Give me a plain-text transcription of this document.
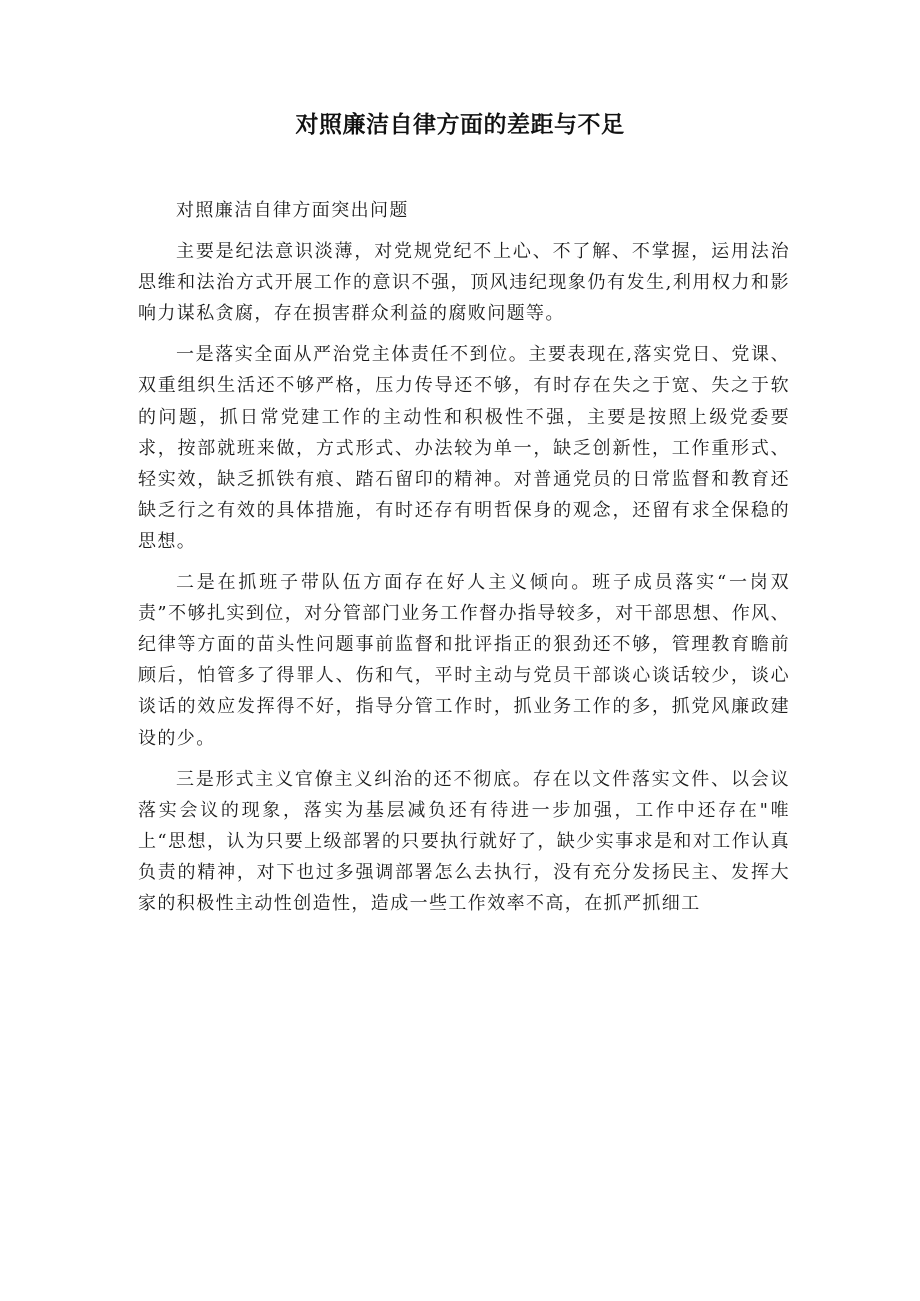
对照廉洁自律方面的差距与不足

对照廉洁自律方面突出问题

主要是纪法意识淡薄，对党规党纪不上心、不了解、不掌握，运用法治思维和法治方式开展工作的意识不强，顶风违纪现象仍有发生,利用权力和影响力谋私贪腐，存在损害群众利益的腐败问题等。

一是落实全面从严治党主体责任不到位。主要表现在,落实党日、党课、双重组织生活还不够严格，压力传导还不够，有时存在失之于宽、失之于软的问题，抓日常党建工作的主动性和积极性不强，主要是按照上级党委要求，按部就班来做，方式形式、办法较为单一，缺乏创新性，工作重形式、轻实效，缺乏抓铁有痕、踏石留印的精神。对普通党员的日常监督和教育还缺乏行之有效的具体措施，有时还存有明哲保身的观念，还留有求全保稳的思想。

二是在抓班子带队伍方面存在好人主义倾向。班子成员落实“一岗双责”不够扎实到位，对分管部门业务工作督办指导较多，对干部思想、作风、纪律等方面的苗头性问题事前监督和批评指正的狠劲还不够，管理教育瞻前顾后，怕管多了得罪人、伤和气，平时主动与党员干部谈心谈话较少，谈心谈话的效应发挥得不好，指导分管工作时，抓业务工作的多，抓党风廉政建设的少。

三是形式主义官僚主义纠治的还不彻底。存在以文件落实文件、以会议落实会议的现象，落实为基层减负还有待进一步加强，工作中还存在"唯上“思想，认为只要上级部署的只要执行就好了，缺少实事求是和对工作认真负责的精神，对下也过多强调部署怎么去执行，没有充分发扬民主、发挥大家的积极性主动性创造性，造成一些工作效率不高，在抓严抓细工
